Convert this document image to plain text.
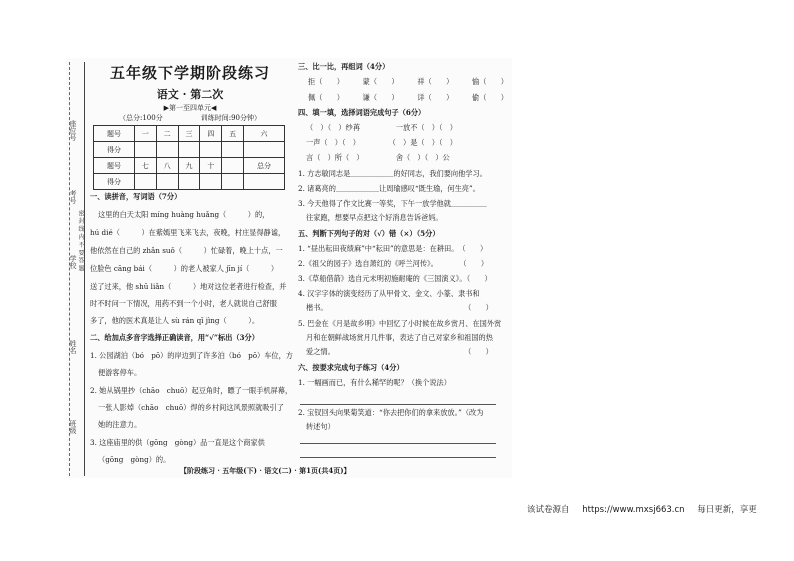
座位号
考号
学校
姓名
班级
密 封 线 内 不 要 答 题
五年级下学期阶段练习
语文 · 第二次
▶第一至四单元◀
（总分:100分	训练时间:90分钟）
题号	一	二	三	四	五	六
得分						
题号	七	八	九	十		总分
得分						
一、读拼音，写词语（7分）
这里的白天太阳 míng huàng huǎng（　　　）的，
hú dié（　　　）在紫嫣里飞来飞去，夜晚，村庄显得静谧，
他依然在自己的 zhǎn suǒ（　　　）忙碌着，晚上十点，一
位脸色 cāng bái（　　　）的老人被家人 jīn jí（　　　）
送了过来，他 shū liǎn（　　　）地对这位老者进行检查，并
时不时问一下情况，用药不到一个小时，老人就说自己舒服
多了，他的医术真是让人 sù rán qǐ jìng（　　　）。
二、给加点多音字选择正确读音，用“√”标出（3分）
1. 公园湖泊（bó　pō）的岸边到了许多泊（bó　pō）车位，方
便游客停车。
2. 她从锅里抄（chāo　chuō）起豆角时，瞟了一眼手机屏幕，
一张人影焯（chāo　chuō）焊的乡村间这风景照就吸引了
她的注意力。
3. 这座庙里的供（gōng　gòng）品一直是这个商家供
（gōng　gòng）的。
三、比一比，再组词（4分）
拒（　　）	蒙（　　）	祥（　　）	愉（　　）
佩（　　）	谦（　　）	详（　　）	偷（　　）
四、填一填，选择词语完成句子（6分）
（　）（　）纱苒　　　　　一放不（　）（　）
一声（　）（　）　　　　　（　）是（　）（　）
言（　）所（　）　　　　　舍（　）（　）公
1. 方志敏同志是＿＿＿＿＿＿的好同志，我们要向他学习。
2. 诸葛亮的＿＿＿＿＿＿让周瑜感叹“既生瑜，何生亮”。
3. 今天他得了作文比赛一等奖，下午一放学他就＿＿＿＿＿
往家跑，想要早点把这个好消息告诉爸妈。
五、判断下列句子的对（√）错（×）（5分）
1. “昼出耘田夜绩麻”中“耘田”的意思是：在耕田。　（　　）
2.《祖父的园子》选自萧红的《呼兰河传》。　　　　（　　）
3.《草船借箭》选自元末明初施耐庵的《三国演义》。（　　）
4. 汉字字体的演变经历了从甲骨文、金文、小篆、隶书和
楷书。　　　　　　　　　　　　　　　　　　　　（　　）
5. 巴金在《月是故乡明》中回忆了小时候在故乡赏月、在国外赏
月和在朝鲜战场赏月几件事，表达了自己对家乡和祖国的热
爱之情。　　　　　　　　　　　　　　　　　　　（　　）
六、按要求完成句子练习（4分）
1. 一幅画而已，有什么稀罕的呢？（换个说法）
2. 宝钗回头向果菊笑道：“你去把你们的拿来放放。”（改为
转述句）
【阶段练习 · 五年级(下) · 语文(二) · 第1页(共4页)】
该试卷源自 https://www.mxsj663.cn 每日更新，享更
